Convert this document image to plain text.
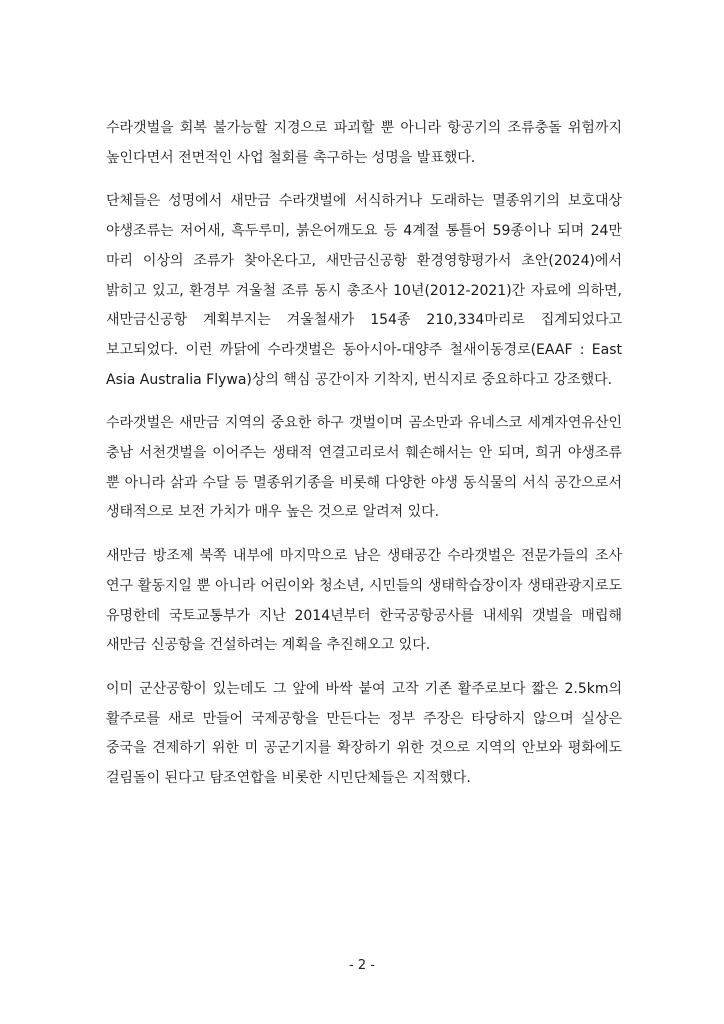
수라갯벌을 회복 불가능할 지경으로 파괴할 뿐 아니라 항공기의 조류충돌 위험까지 높인다면서 전면적인 사업 철회를 촉구하는 성명을 발표했다.

단체들은 성명에서 새만금 수라갯벌에 서식하거나 도래하는 멸종위기의 보호대상 야생조류는 저어새, 흑두루미, 붉은어깨도요 등 4계절 통틀어 59종이나 되며 24만 마리 이상의 조류가 찾아온다고, 새만금신공항 환경영향평가서 초안(2024)에서 밝히고 있고, 환경부 겨울철 조류 동시 총조사 10년(2012-2021)간 자료에 의하면, 새만금신공항 계획부지는 겨울철새가 154종 210,334마리로 집계되었다고 보고되었다. 이런 까닭에 수라갯벌은 동아시아-대양주 철새이동경로(EAAF : East Asia Australia Flywa)상의 핵심 공간이자 기착지, 번식지로 중요하다고 강조했다.

수라갯벌은 새만금 지역의 중요한 하구 갯벌이며 곰소만과 유네스코 세계자연유산인 충남 서천갯벌을 이어주는 생태적 연결고리로서 훼손해서는 안 되며, 희귀 야생조류 뿐 아니라 삵과 수달 등 멸종위기종을 비롯해 다양한 야생 동식물의 서식 공간으로서 생태적으로 보전 가치가 매우 높은 것으로 알려져 있다.

새만금 방조제 북쪽 내부에 마지막으로 남은 생태공간 수라갯벌은 전문가들의 조사 연구 활동지일 뿐 아니라 어린이와 청소년, 시민들의 생태학습장이자 생태관광지로도 유명한데 국토교통부가 지난 2014년부터 한국공항공사를 내세워 갯벌을 매립해 새만금 신공항을 건설하려는 계획을 추진해오고 있다.

이미 군산공항이 있는데도 그 앞에 바싹 붙여 고작 기존 활주로보다 짧은 2.5km의 활주로를 새로 만들어 국제공항을 만든다는 정부 주장은 타당하지 않으며 실상은 중국을 견제하기 위한 미 공군기지를 확장하기 위한 것으로 지역의 안보와 평화에도 걸림돌이 된다고 탐조연합을 비롯한 시민단체들은 지적했다.

- 2 -
